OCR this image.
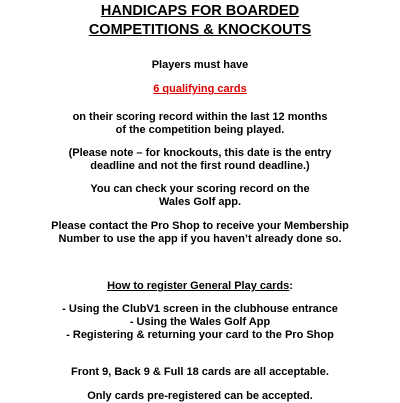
HANDICAPS FOR BOARDED
COMPETITIONS & KNOCKOUTS
Players must have
6 qualifying cards
on their scoring record within the last 12 months
of the competition being played.
(Please note – for knockouts, this date is the entry
deadline and not the first round deadline.)
You can check your scoring record on the
Wales Golf app.
Please contact the Pro Shop to receive your Membership
Number to use the app if you haven’t already done so.
How to register General Play cards:
- Using the ClubV1 screen in the clubhouse entrance
- Using the Wales Golf App
- Registering & returning your card to the Pro Shop
Front 9, Back 9 & Full 18 cards are all acceptable.
Only cards pre-registered can be accepted.
